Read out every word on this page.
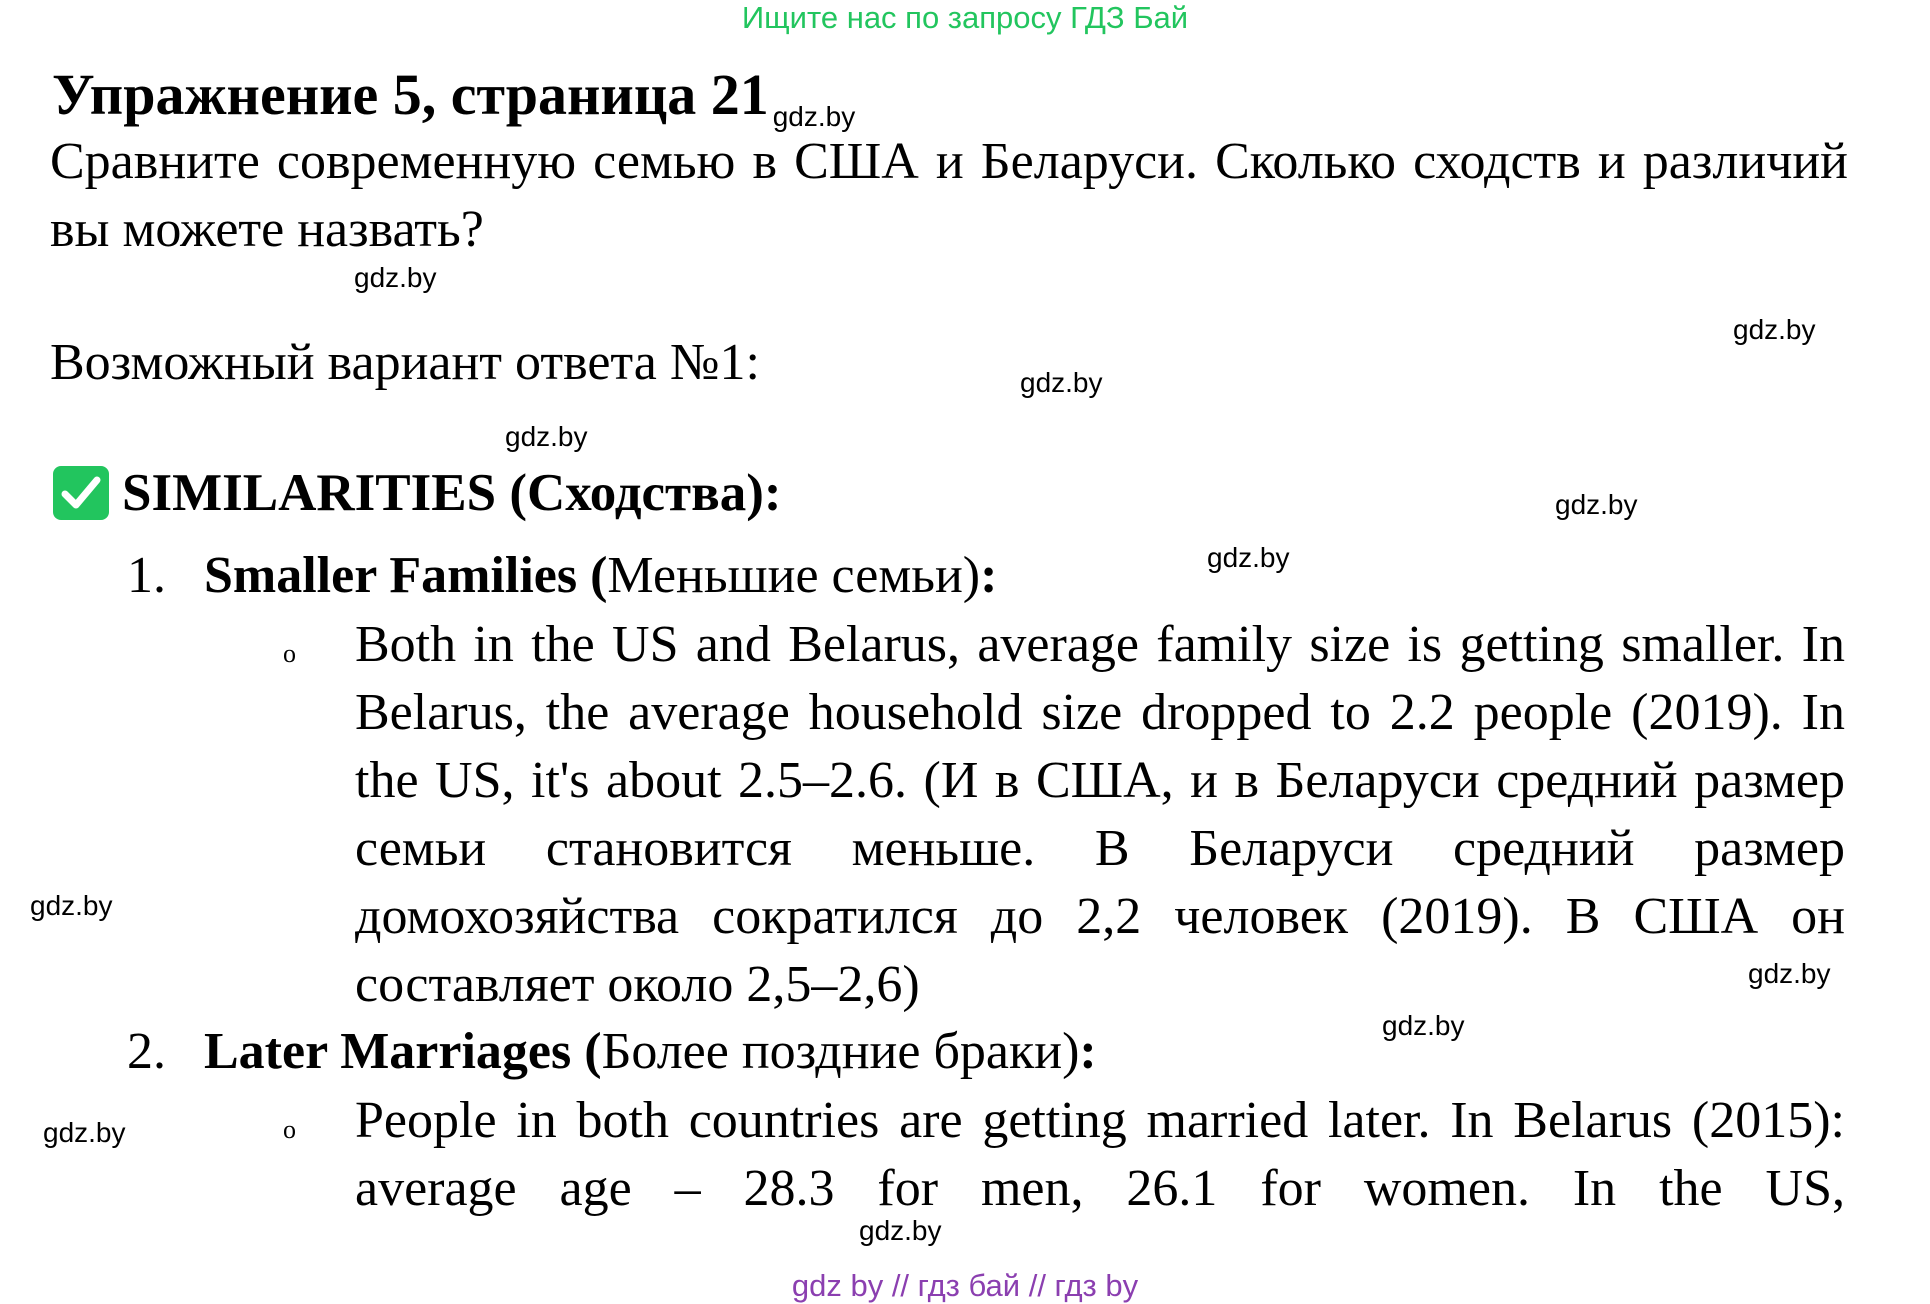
Ищите нас по запросу ГДЗ Бай
Упражнение 5, страница 21 $_{gdz.by}$
Сравните современную семью в США и Беларуси. Сколько сходств и различий вы можете назвать?
Возможный вариант ответа №1:
SIMILARITIES (Сходства):
1. Smaller Families (Меньшие семьи):
o Both in the US and Belarus, average family size is getting smaller. In Belarus, the average household size dropped to 2.2 people (2019). In the US, it's about 2.5–2.6. (И в США, и в Беларуси средний размер семьи становится меньше. В Беларуси средний размер домохозяйства сократился до 2,2 человек (2019). В США он составляет около 2,5–2,6)
2. Later Marriages (Более поздние браки):
o People in both countries are getting married later. In Belarus (2015): average age – 28.3 for men, 26.1 for women. In the US,
gdz.by
gdz.by
gdz.by
gdz.by
gdz.by
gdz.by
gdz.by
gdz.by
gdz.by
gdz.by
gdz.by
gdz by // гдз бай // гдз by
